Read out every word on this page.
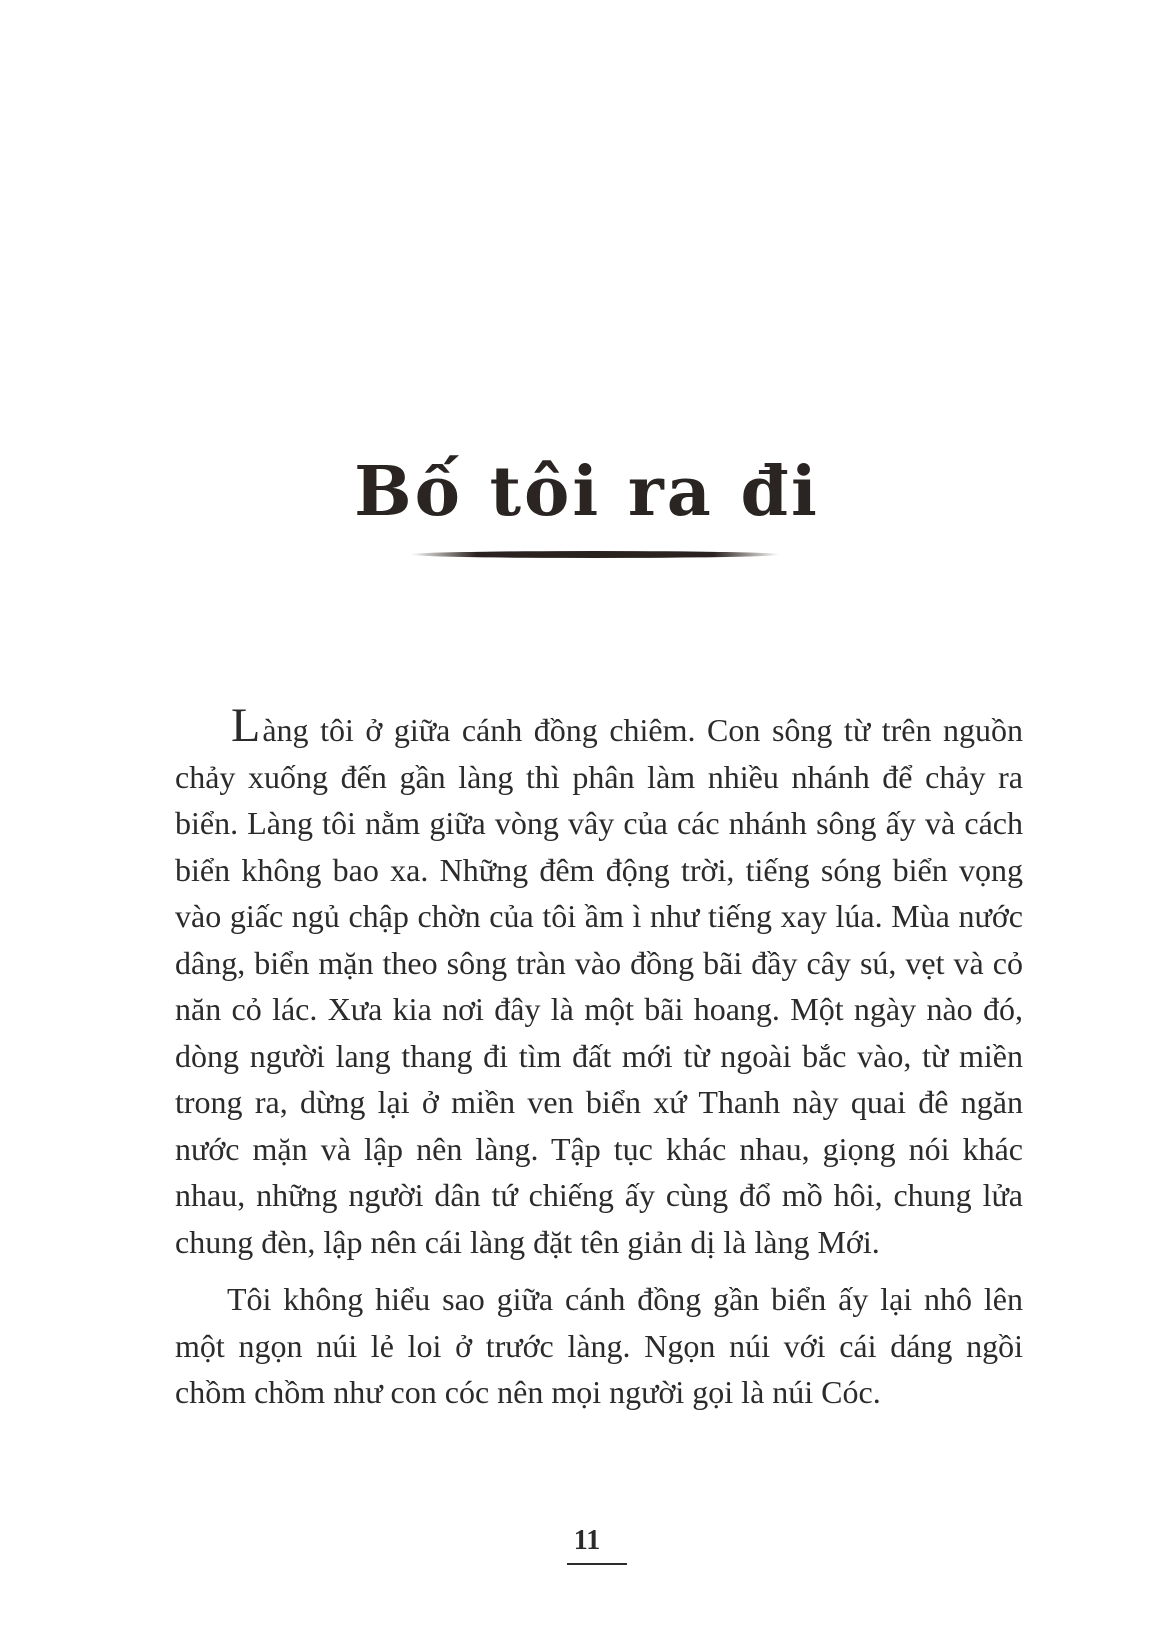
Bố tôi ra đi

Làng tôi ở giữa cánh đồng chiêm. Con sông từ trên nguồn chảy xuống đến gần làng thì phân làm nhiều nhánh để chảy ra biển. Làng tôi nằm giữa vòng vây của các nhánh sông ấy và cách biển không bao xa. Những đêm động trời, tiếng sóng biển vọng vào giấc ngủ chập chờn của tôi ầm ì như tiếng xay lúa. Mùa nước dâng, biển mặn theo sông tràn vào đồng bãi đầy cây sú, vẹt và cỏ năn cỏ lác. Xưa kia nơi đây là một bãi hoang. Một ngày nào đó, dòng người lang thang đi tìm đất mới từ ngoài bắc vào, từ miền trong ra, dừng lại ở miền ven biển xứ Thanh này quai đê ngăn nước mặn và lập nên làng. Tập tục khác nhau, giọng nói khác nhau, những người dân tứ chiếng ấy cùng đổ mồ hôi, chung lửa chung đèn, lập nên cái làng đặt tên giản dị là làng Mới.

Tôi không hiểu sao giữa cánh đồng gần biển ấy lại nhô lên một ngọn núi lẻ loi ở trước làng. Ngọn núi với cái dáng ngồi chồm chồm như con cóc nên mọi người gọi là núi Cóc.

11
